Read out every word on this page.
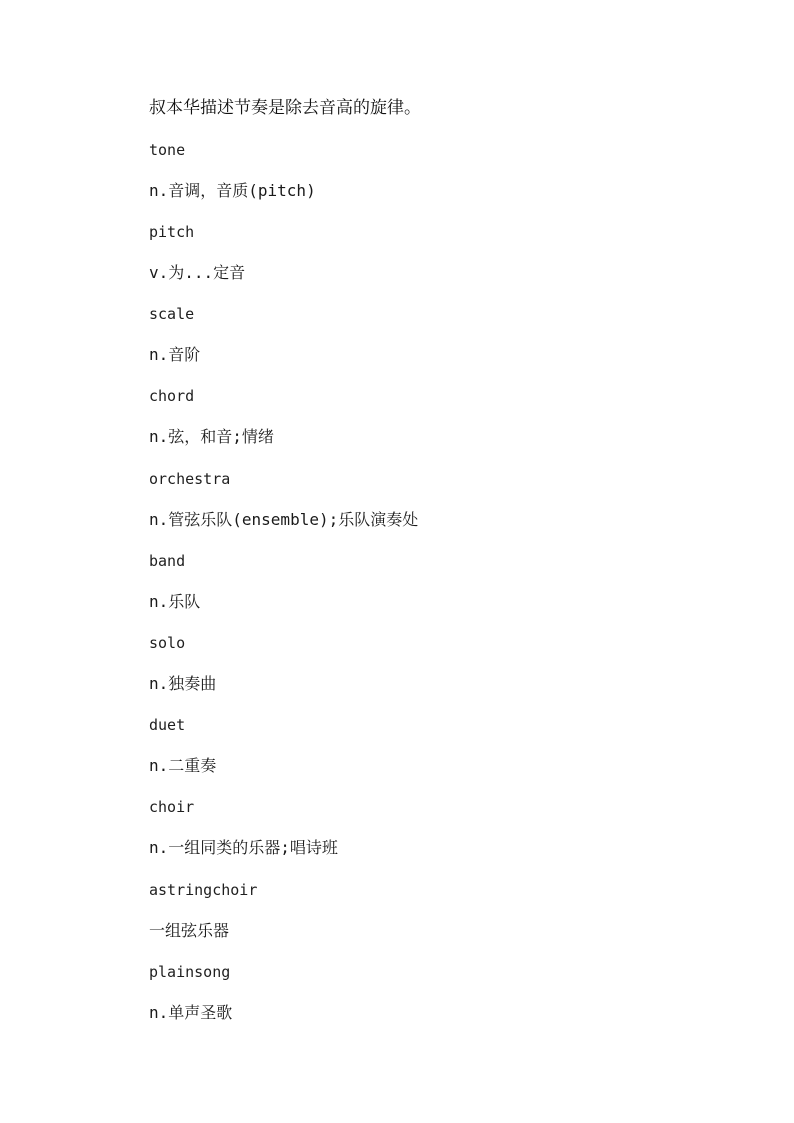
叔本华描述节奏是除去音高的旋律。
tone
n.音调，音质(pitch)
pitch
v.为...定音
scale
n.音阶
chord
n.弦，和音;情绪
orchestra
n.管弦乐队(ensemble);乐队演奏处
band
n.乐队
solo
n.独奏曲
duet
n.二重奏
choir
n.一组同类的乐器;唱诗班
astringchoir
一组弦乐器
plainsong
n.单声圣歌
